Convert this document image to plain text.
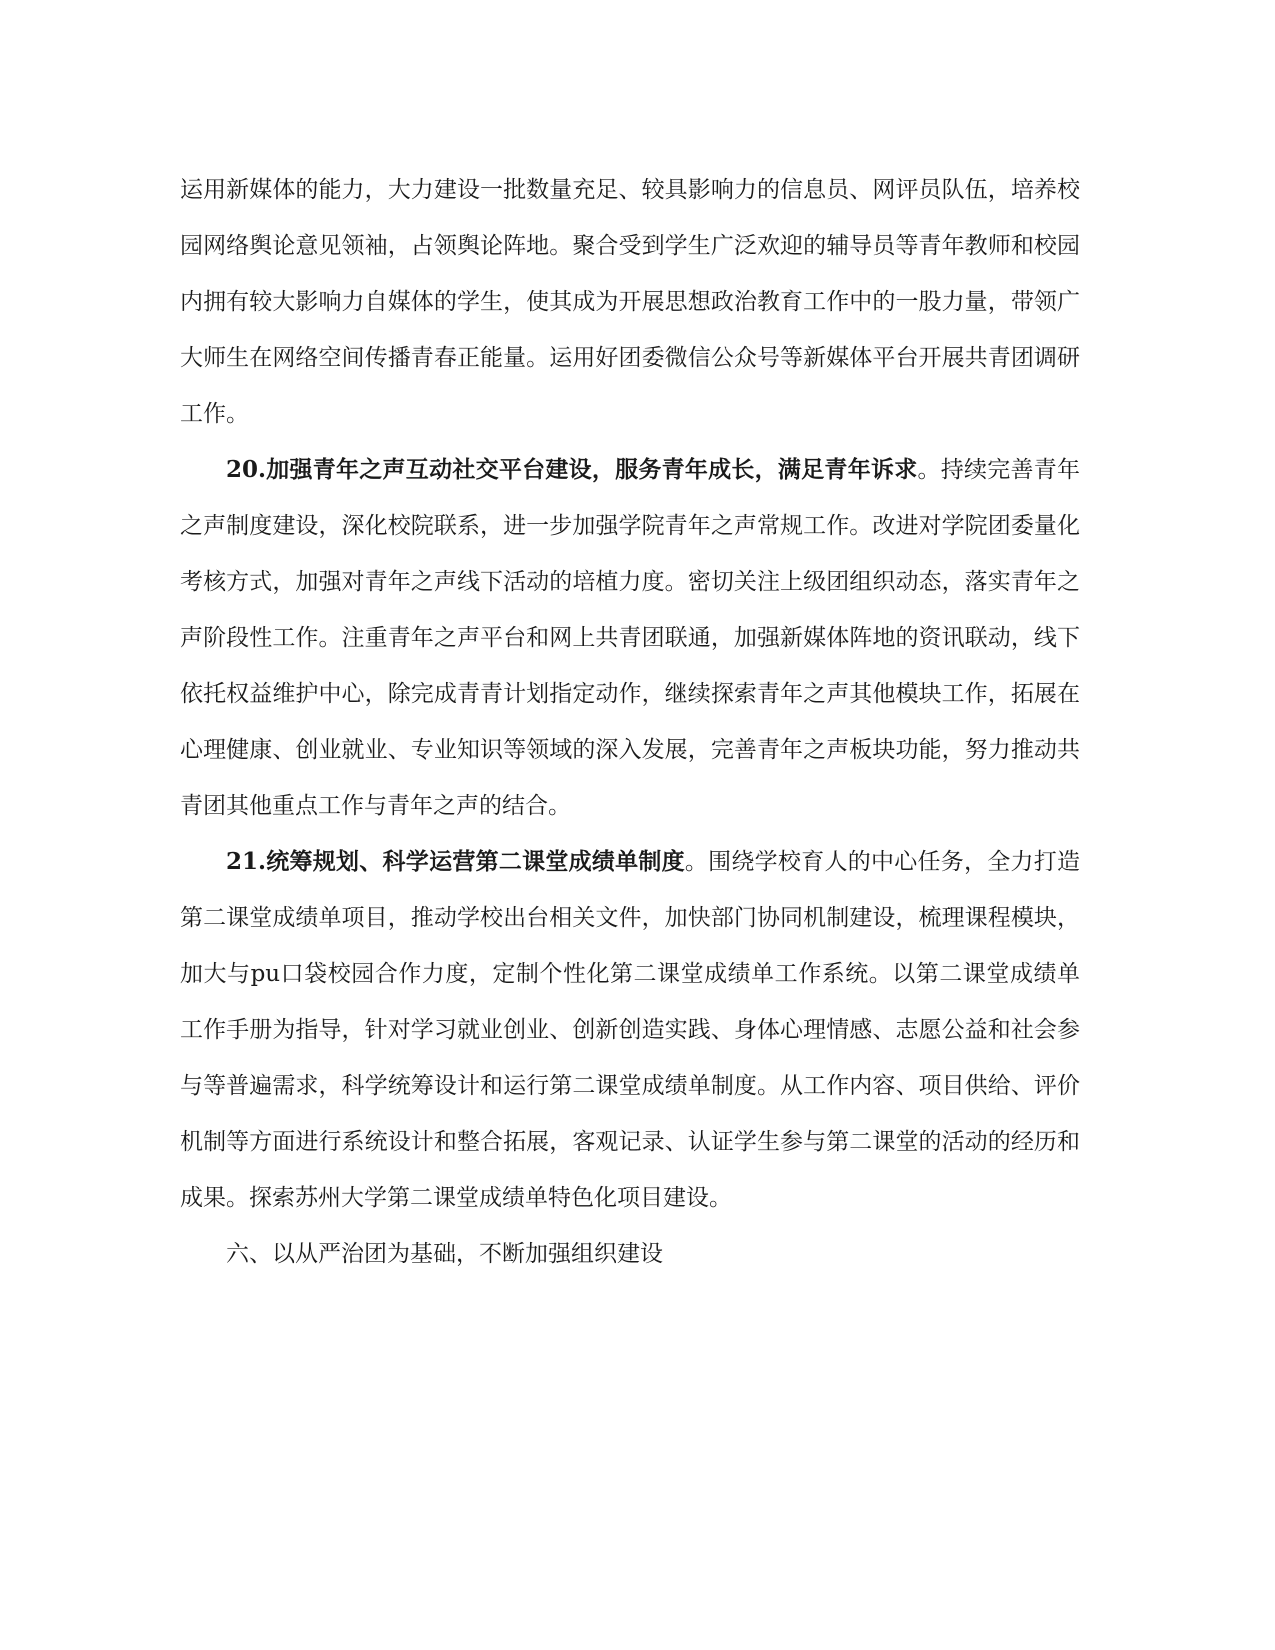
运用新媒体的能力，大力建设一批数量充足、较具影响力的信息员、网评员队伍，培养校园网络舆论意见领袖，占领舆论阵地。聚合受到学生广泛欢迎的辅导员等青年教师和校园内拥有较大影响力自媒体的学生，使其成为开展思想政治教育工作中的一股力量，带领广大师生在网络空间传播青春正能量。运用好团委微信公众号等新媒体平台开展共青团调研工作。

20.加强青年之声互动社交平台建设，服务青年成长，满足青年诉求。持续完善青年之声制度建设，深化校院联系，进一步加强学院青年之声常规工作。改进对学院团委量化考核方式，加强对青年之声线下活动的培植力度。密切关注上级团组织动态，落实青年之声阶段性工作。注重青年之声平台和网上共青团联通，加强新媒体阵地的资讯联动，线下依托权益维护中心，除完成青青计划指定动作，继续探索青年之声其他模块工作，拓展在心理健康、创业就业、专业知识等领域的深入发展，完善青年之声板块功能，努力推动共青团其他重点工作与青年之声的结合。

21.统筹规划、科学运营第二课堂成绩单制度。围绕学校育人的中心任务，全力打造第二课堂成绩单项目，推动学校出台相关文件，加快部门协同机制建设，梳理课程模块，加大与pu口袋校园合作力度，定制个性化第二课堂成绩单工作系统。以第二课堂成绩单工作手册为指导，针对学习就业创业、创新创造实践、身体心理情感、志愿公益和社会参与等普遍需求，科学统筹设计和运行第二课堂成绩单制度。从工作内容、项目供给、评价机制等方面进行系统设计和整合拓展，客观记录、认证学生参与第二课堂的活动的经历和成果。探索苏州大学第二课堂成绩单特色化项目建设。

六、以从严治团为基础，不断加强组织建设
